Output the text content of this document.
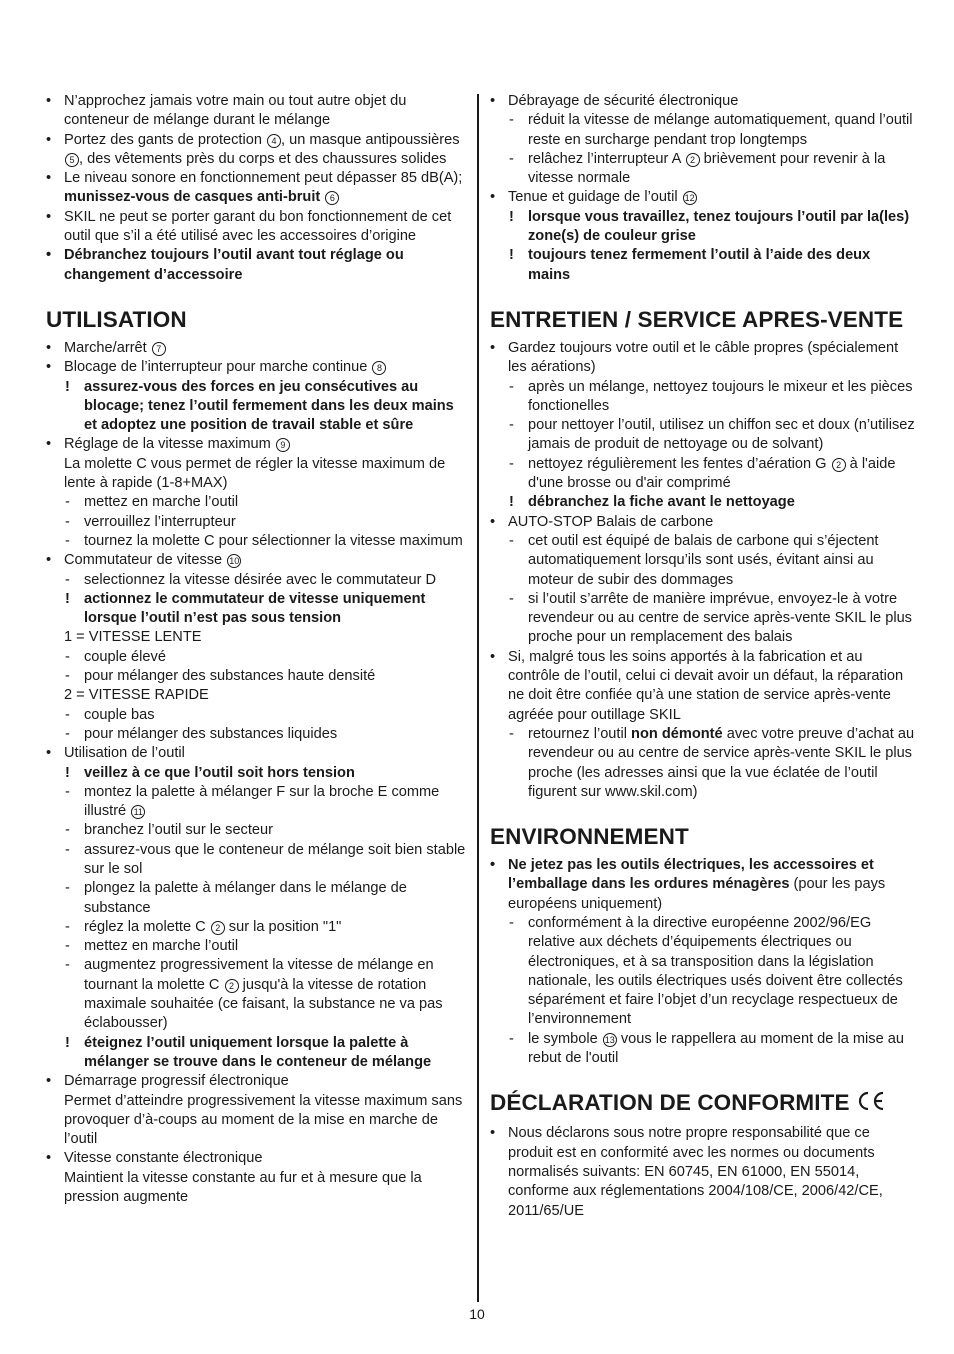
• N’approchez jamais votre main ou tout autre objet du conteneur de mélange durant le mélange
• Portez des gants de protection 4 , un masque antipoussières 5 , des vêtements près du corps et des chaussures solides
• Le niveau sonore en fonctionnement peut dépasser 85 dB(A); munissez-vous de casques anti-bruit 6
• SKIL ne peut se porter garant du bon fonctionnement de cet outil que s’il a été utilisé avec les accessoires d’origine
• Débranchez toujours l’outil avant tout réglage ou changement d’accessoire
UTILISATION
• Marche/arrêt 7
• Blocage de l’interrupteur pour marche continue 8
! assurez-vous des forces en jeu consécutives au blocage; tenez l’outil fermement dans les deux mains et adoptez une position de travail stable et sûre
• Réglage de la vitesse maximum 9
La molette C vous permet de régler la vitesse maximum de lente à rapide (1-8+MAX)
- mettez en marche l’outil
- verrouillez l’interrupteur
- tournez la molette C pour sélectionner la vitesse maximum
• Commutateur de vitesse 10
- selectionnez la vitesse désirée avec le commutateur D
! actionnez le commutateur de vitesse uniquement lorsque l’outil n’est pas sous tension
1 = VITESSE LENTE
- couple élevé
- pour mélanger des substances haute densité
2 = VITESSE RAPIDE
- couple bas
- pour mélanger des substances liquides
• Utilisation de l’outil
! veillez à ce que l’outil soit hors tension
- montez la palette à mélanger F sur la broche E comme illustré 11
- branchez l’outil sur le secteur
- assurez-vous que le conteneur de mélange soit bien stable sur le sol
- plongez la palette à mélanger dans le mélange de substance
- réglez la molette C 2 sur la position "1"
- mettez en marche l’outil
- augmentez progressivement la vitesse de mélange en tournant la molette C 2 jusqu'à la vitesse de rotation maximale souhaitée (ce faisant, la substance ne va pas éclabousser)
! éteignez l’outil uniquement lorsque la palette à mélanger se trouve dans le conteneur de mélange
• Démarrage progressif électronique
Permet d’atteindre progressivement la vitesse maximum sans provoquer d’à-coups au moment de la mise en marche de l’outil
• Vitesse constante électronique
Maintient la vitesse constante au fur et à mesure que la pression augmente
• Débrayage de sécurité électronique
- réduit la vitesse de mélange automatiquement, quand l’outil reste en surcharge pendant trop longtemps
- relâchez l’interrupteur A 2 brièvement pour revenir à la vitesse normale
• Tenue et guidage de l’outil 12
! lorsque vous travaillez, tenez toujours l’outil par la(les) zone(s) de couleur grise
! toujours tenez fermement l’outil à l’aide des deux mains
ENTRETIEN / SERVICE APRES-VENTE
• Gardez toujours votre outil et le câble propres (spécialement les aérations)
- après un mélange, nettoyez toujours le mixeur et les pièces fonctionelles
- pour nettoyer l’outil, utilisez un chiffon sec et doux (n’utilisez jamais de produit de nettoyage ou de solvant)
- nettoyez régulièrement les fentes d’aération G 2 à l'aide d'une brosse ou d'air comprimé
! débranchez la fiche avant le nettoyage
• AUTO-STOP Balais de carbone
- cet outil est équipé de balais de carbone qui s’éjectent automatiquement lorsqu’ils sont usés, évitant ainsi au moteur de subir des dommages
- si l’outil s’arrête de manière imprévue, envoyez-le à votre revendeur ou au centre de service après-vente SKIL le plus proche pour un remplacement des balais
• Si, malgré tous les soins apportés à la fabrication et au contrôle de l’outil, celui ci devait avoir un défaut, la réparation ne doit être confiée qu’à une station de service après-vente agréée pour outillage SKIL
- retournez l’outil non démonté avec votre preuve d’achat au revendeur ou au centre de service après-vente SKIL le plus proche (les adresses ainsi que la vue éclatée de l’outil figurent sur www.skil.com)
ENVIRONNEMENT
• Ne jetez pas les outils électriques, les accessoires et l’emballage dans les ordures ménagères (pour les pays européens uniquement)
- conformément à la directive européenne 2002/96/EG relative aux déchets d’équipements électriques ou électroniques, et à sa transposition dans la législation nationale, les outils électriques usés doivent être collectés séparément et faire l’objet d’un recyclage respectueux de l’environnement
- le symbole 13 vous le rappellera au moment de la mise au rebut de l'outil
DÉCLARATION DE CONFORMITE
• Nous déclarons sous notre propre responsabilité que ce produit est en conformité avec les normes ou documents normalisés suivants: EN 60745, EN 61000, EN 55014, conforme aux réglementations 2004/108/CE, 2006/42/CE, 2011/65/UE
10
